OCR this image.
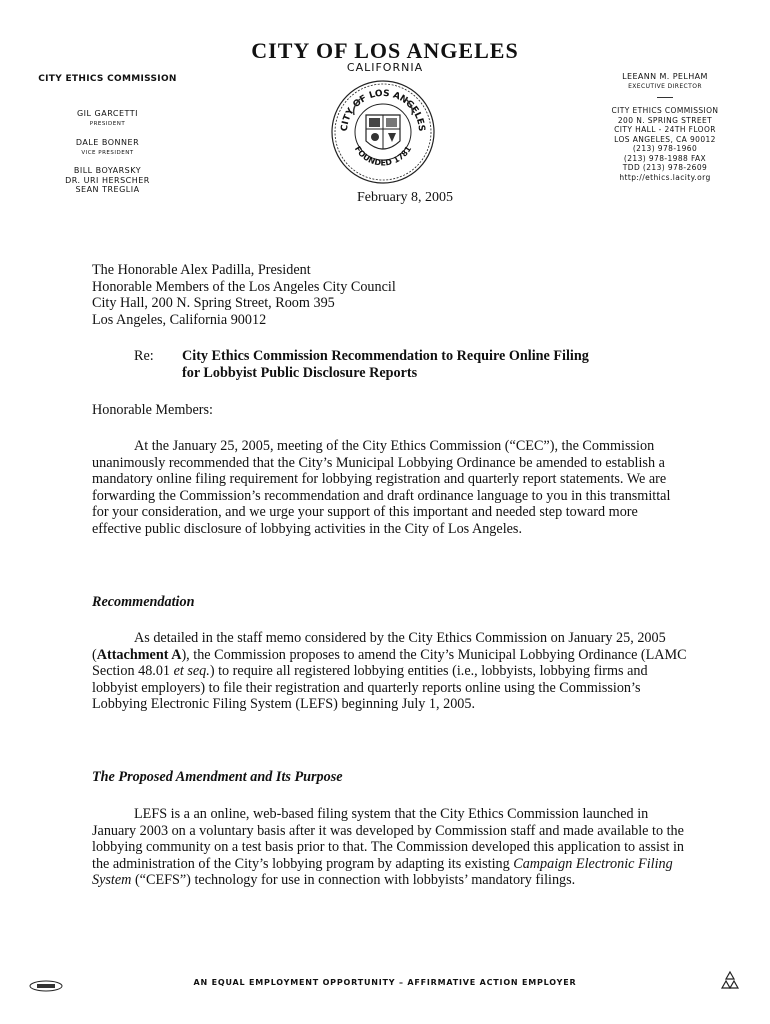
CITY OF LOS ANGELES
CALIFORNIA
CITY ETHICS COMMISSION
GIL GARCETTI
PRESIDENT
DALE BONNER
VICE PRESIDENT
BILL BOYARSKY
DR. URI HERSCHER
SEAN TREGLIA
LEEANN M. PELHAM
EXECUTIVE DIRECTOR
CITY ETHICS COMMISSION
200 N. SPRING STREET
CITY HALL - 24TH FLOOR
LOS ANGELES, CA 90012
(213) 978-1960
(213) 978-1988 FAX
TDD (213) 978-2609
http://ethics.lacity.org
CITY OF LOS ANGELES
FOUNDED 1781
February 8, 2005
The Honorable Alex Padilla, President
Honorable Members of the Los Angeles City Council
City Hall, 200 N. Spring Street, Room 395
Los Angeles, California 90012
Re: City Ethics Commission Recommendation to Require Online Filing
for Lobbyist Public Disclosure Reports
Honorable Members:
At the January 25, 2005, meeting of the City Ethics Commission (“CEC”), the Commission unanimously recommended that the City’s Municipal Lobbying Ordinance be amended to establish a mandatory online filing requirement for lobbying registration and quarterly report statements. We are forwarding the Commission’s recommendation and draft ordinance language to you in this transmittal for your consideration, and we urge your support of this important and needed step toward more effective public disclosure of lobbying activities in the City of Los Angeles.
Recommendation
As detailed in the staff memo considered by the City Ethics Commission on January 25, 2005 (Attachment A), the Commission proposes to amend the City’s Municipal Lobbying Ordinance (LAMC Section 48.01 et seq.) to require all registered lobbying entities (i.e., lobbyists, lobbying firms and lobbyist employers) to file their registration and quarterly reports online using the Commission’s Lobbying Electronic Filing System (LEFS) beginning July 1, 2005.
The Proposed Amendment and Its Purpose
LEFS is a an online, web-based filing system that the City Ethics Commission launched in January 2003 on a voluntary basis after it was developed by Commission staff and made available to the lobbying community on a test basis prior to that. The Commission developed this application to assist in the administration of the City’s lobbying program by adapting its existing Campaign Electronic Filing System (“CEFS”) technology for use in connection with lobbyists’ mandatory filings.
AN EQUAL EMPLOYMENT OPPORTUNITY – AFFIRMATIVE ACTION EMPLOYER
